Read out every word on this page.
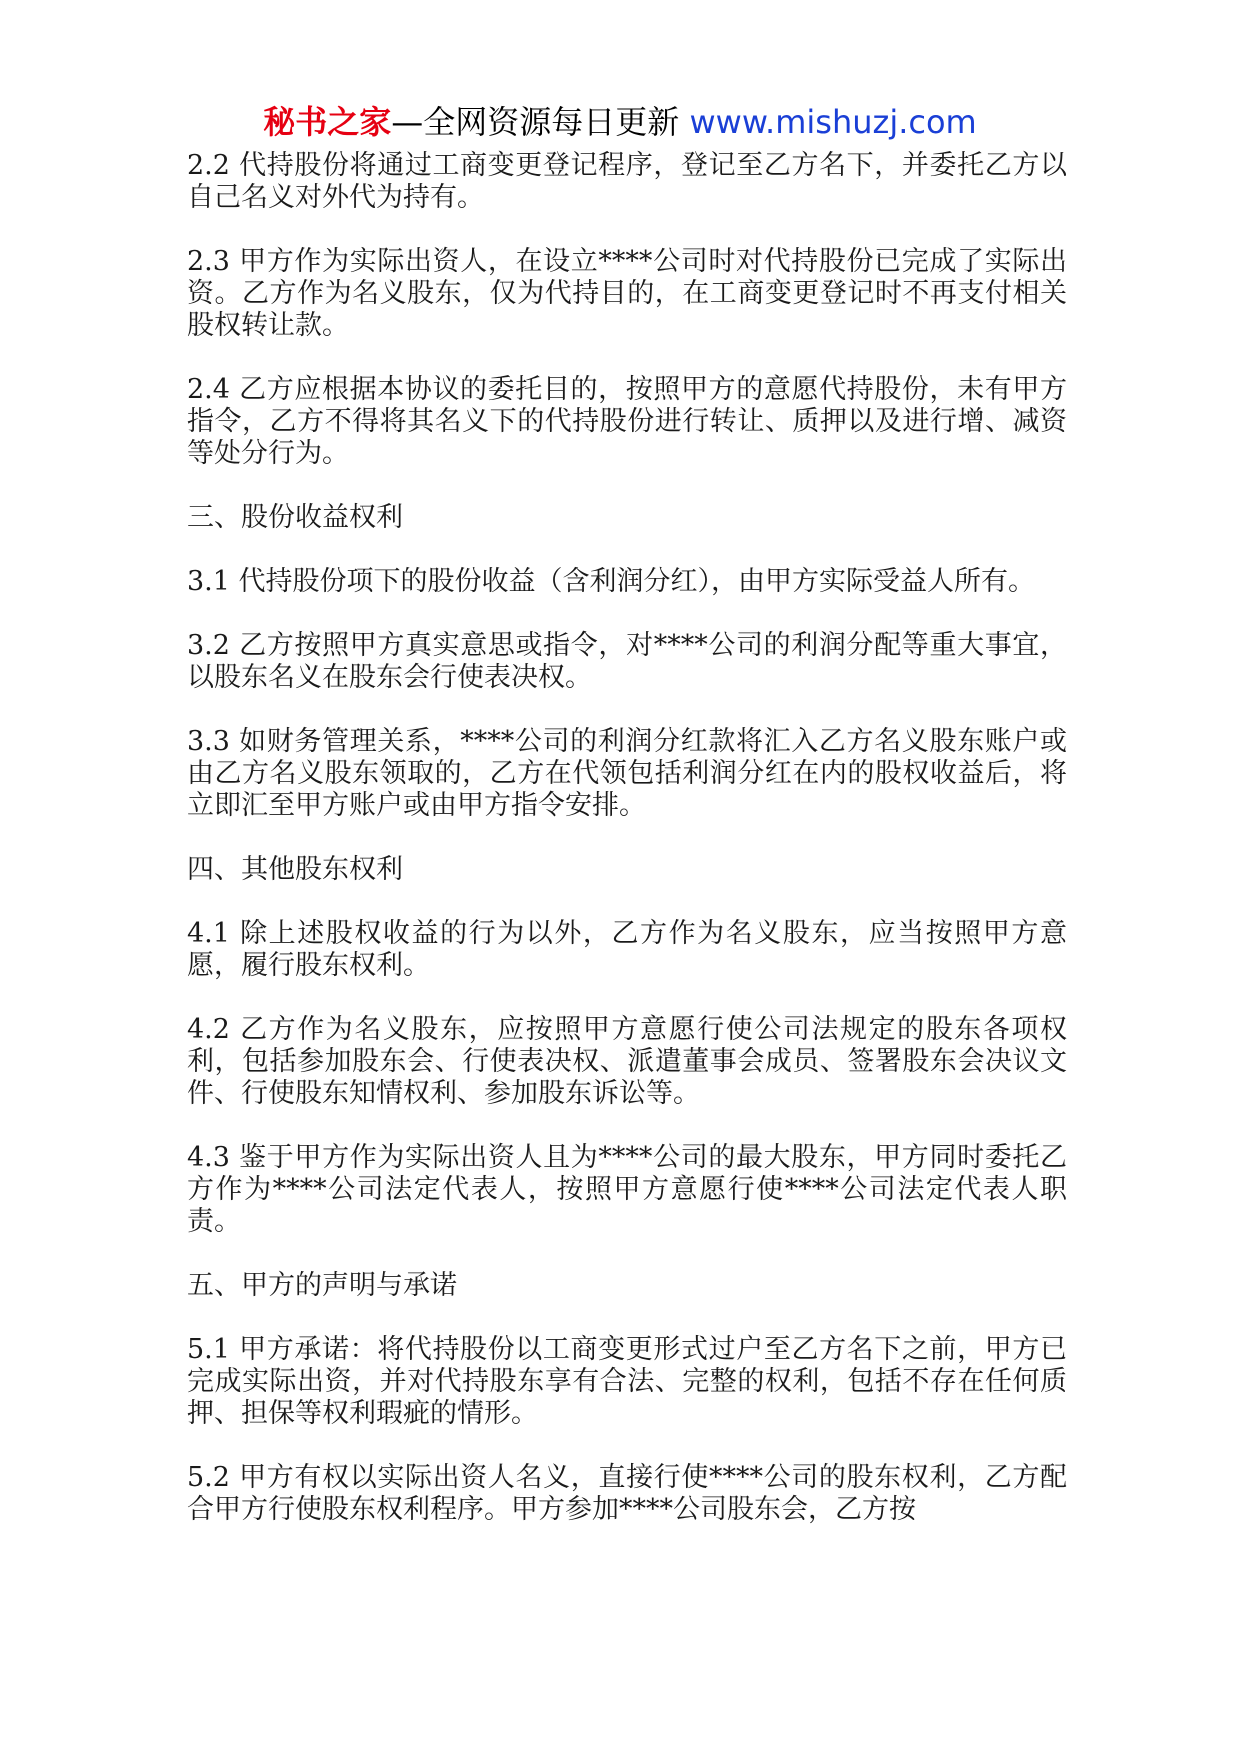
秘书之家—全网资源每日更新 www.mishuzj.com

2.2 代持股份将通过工商变更登记程序，登记至乙方名下，并委托乙方以自己名义对外代为持有。

2.3 甲方作为实际出资人，在设立****公司时对代持股份已完成了实际出资。乙方作为名义股东，仅为代持目的，在工商变更登记时不再支付相关股权转让款。

2.4 乙方应根据本协议的委托目的，按照甲方的意愿代持股份，未有甲方指令，乙方不得将其名义下的代持股份进行转让、质押以及进行增、减资等处分行为。

三、股份收益权利

3.1 代持股份项下的股份收益（含利润分红），由甲方实际受益人所有。

3.2 乙方按照甲方真实意思或指令，对****公司的利润分配等重大事宜，以股东名义在股东会行使表决权。

3.3 如财务管理关系，****公司的利润分红款将汇入乙方名义股东账户或由乙方名义股东领取的，乙方在代领包括利润分红在内的股权收益后，将立即汇至甲方账户或由甲方指令安排。

四、其他股东权利

4.1 除上述股权收益的行为以外，乙方作为名义股东，应当按照甲方意愿，履行股东权利。

4.2 乙方作为名义股东，应按照甲方意愿行使公司法规定的股东各项权利，包括参加股东会、行使表决权、派遣董事会成员、签署股东会决议文件、行使股东知情权利、参加股东诉讼等。

4.3 鉴于甲方作为实际出资人且为****公司的最大股东，甲方同时委托乙方作为****公司法定代表人，按照甲方意愿行使****公司法定代表人职责。

五、甲方的声明与承诺

5.1 甲方承诺：将代持股份以工商变更形式过户至乙方名下之前，甲方已完成实际出资，并对代持股东享有合法、完整的权利，包括不存在任何质押、担保等权利瑕疵的情形。

5.2 甲方有权以实际出资人名义，直接行使****公司的股东权利，乙方配合甲方行使股东权利程序。甲方参加****公司股东会，乙方按
